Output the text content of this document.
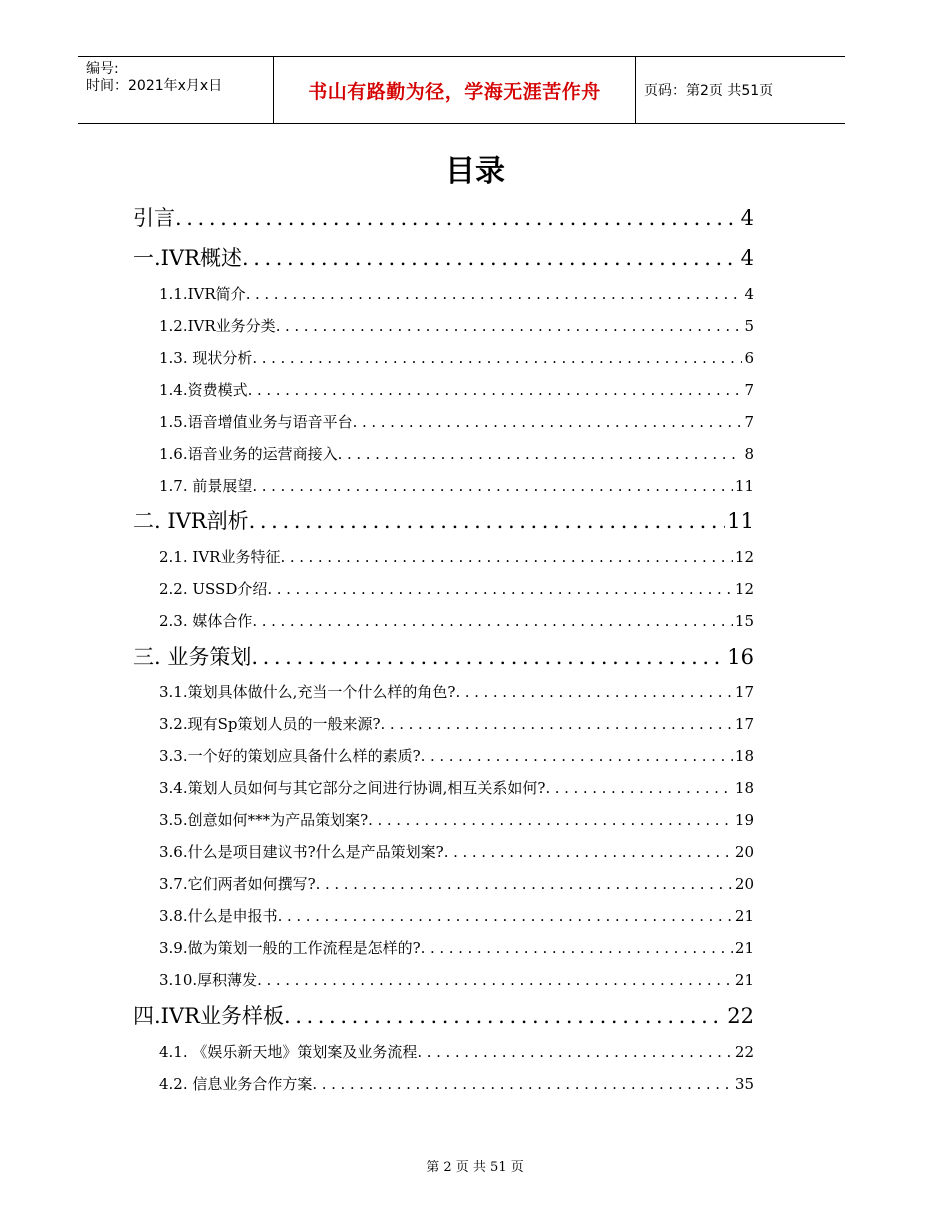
编号:
时间：2021年x月x日	书山有路勤为径，学海无涯苦作舟	页码：第2页 共51页
目录
引言 .....	4
一.IVR概述 .....	4
1.1.IVR简介 .....	4
1.2.IVR业务分类 .....	5
1.3. 现状分析 .....	6
1.4.资费模式 .....	7
1.5.语音增值业务与语音平台 .....	7
1.6.语音业务的运营商接入 .....	8
1.7. 前景展望 .....	11
二. IVR剖析 .....	11
2.1. IVR业务特征 .....	12
2.2. USSD介绍 .....	12
2.3. 媒体合作 .....	15
三. 业务策划 .....	16
3.1.策划具体做什么,充当一个什么样的角色? .....	17
3.2.现有Sp策划人员的一般来源? .....	17
3.3.一个好的策划应具备什么样的素质? .....	18
3.4.策划人员如何与其它部分之间进行协调,相互关系如何? .....	18
3.5.创意如何***为产品策划案? .....	19
3.6.什么是项目建议书?什么是产品策划案? .....	20
3.7.它们两者如何撰写? .....	20
3.8.什么是申报书 .....	21
3.9.做为策划一般的工作流程是怎样的? .....	21
3.10.厚积薄发 .....	21
四.IVR业务样板 .....	22
4.1. 《娱乐新天地》策划案及业务流程 .....	22
4.2. 信息业务合作方案 .....	35
第 2 页 共 51 页
